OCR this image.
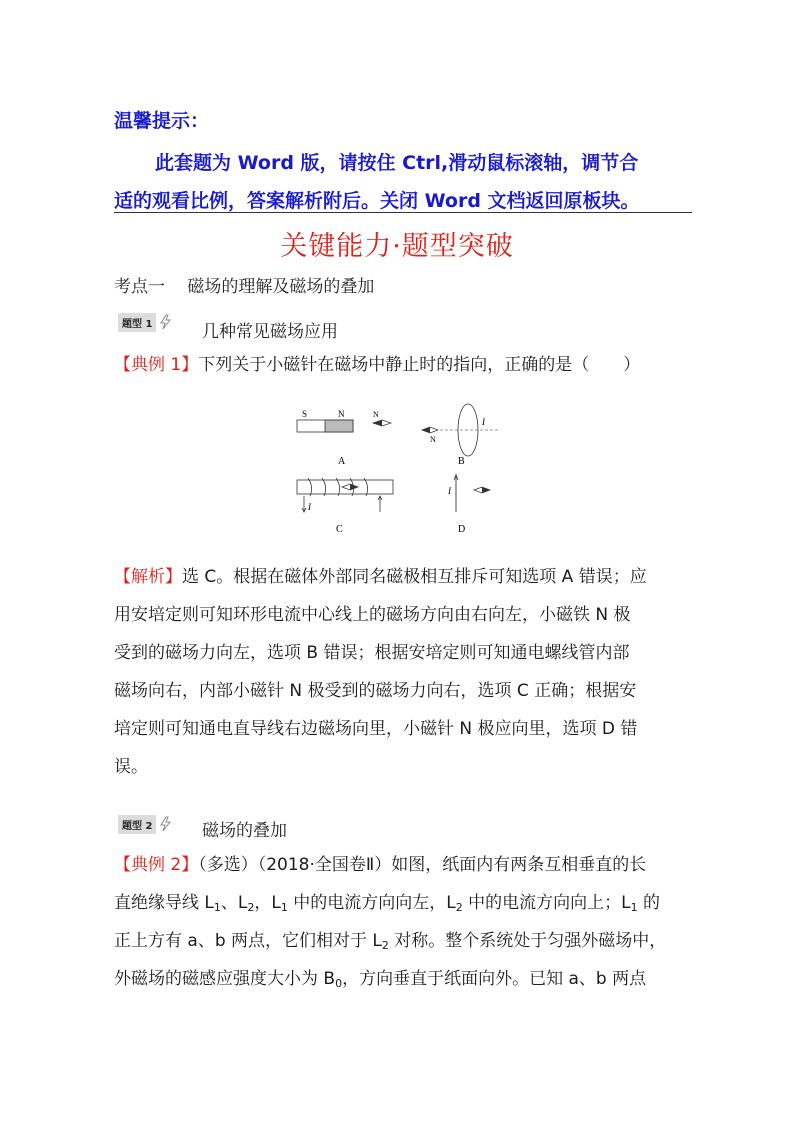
温馨提示：
此套题为 Word 版，请按住 Ctrl,滑动鼠标滚轴，调节合
适的观看比例，答案解析附后。关闭 Word 文档返回原板块。
关键能力·题型突破
考点一　 磁场的理解及磁场的叠加
题型 1	几种常见磁场应用
【典例 1】下列关于小磁针在磁场中静止时的指向，正确的是（　　）
S	N	N
A
N
I
B
I
C
I
D
【解析】选 C。根据在磁体外部同名磁极相互排斥可知选项 A 错误；应
用安培定则可知环形电流中心线上的磁场方向由右向左，小磁铁 N 极
受到的磁场力向左，选项 B 错误；根据安培定则可知通电螺线管内部
磁场向右，内部小磁针 N 极受到的磁场力向右，选项 C 正确；根据安
培定则可知通电直导线右边磁场向里，小磁针 N 极应向里，选项 D 错
误。
题型 2	磁场的叠加
【典例 2】（多选）（2018·全国卷Ⅱ）如图，纸面内有两条互相垂直的长
直绝缘导线 $L_1$、$L_2$，$L_1$ 中的电流方向向左，$L_2$ 中的电流方向向上；$L_1$ 的
正上方有 a、b 两点，它们相对于 $L_2$ 对称。整个系统处于匀强外磁场中，
外磁场的磁感应强度大小为 $B_0$，方向垂直于纸面向外。已知 a、b 两点
